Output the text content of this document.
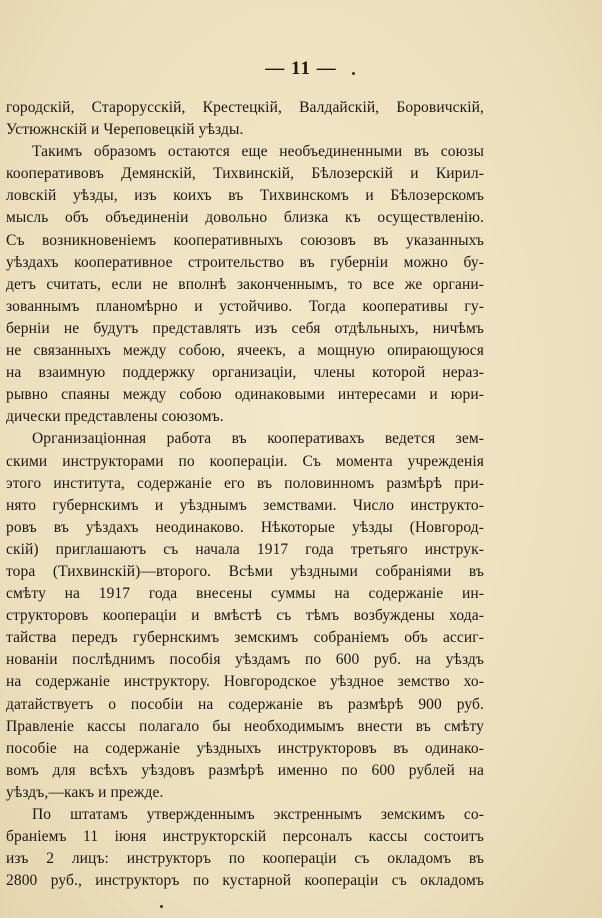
— 11 —
городскiй, Старорусскiй, Крестецкiй, Валдайскiй, Боровичскiй,
Устюжнскiй и Череповецкiй уѣзды.
Такимъ образомъ остаются еще необъединенными въ союзы
кооперативовъ Демянскiй, Тихвинскiй, Бѣлозерскiй и Кирил-
ловскiй уѣзды, изъ коихъ въ Тихвинскомъ и Бѣлозерскомъ
мысль объ объединенiи довольно близка къ осуществленiю.
Съ возникновенiемъ кооперативныхъ союзовъ въ указанныхъ
уѣздахъ кооперативное строительство въ губернiи можно бу-
детъ считать, если не вполнѣ законченнымъ, то все же органи-
зованнымъ планомѣрно и устойчиво. Тогда кооперативы гу-
бернiи не будутъ представлять изъ себя отдѣльныхъ, ничѣмъ
не связанныхъ между собою, ячеекъ, а мощную опирающуюся
на взаимную поддержку организацiи, члены которой нераз-
рывно спаяны между собою одинаковыми интересами и юри-
дически представлены союзомъ.
Организацiонная работа въ кооперативахъ ведется зем-
скими инструкторами по кооперацiи. Съ момента учрежденiя
этого института, содержанiе его въ половинномъ размѣрѣ при-
нято губернскимъ и уѣзднымъ земствами. Число инструкто-
ровъ въ уѣздахъ неодинаково. Нѣкоторые уѣзды (Новгород-
скiй) приглашаютъ съ начала 1917 года третьяго инструк-
тора (Тихвинскiй)—второго. Всѣми уѣздными собранiями въ
смѣту на 1917 года внесены суммы на содержанiе ин-
структоровъ кооперацiи и вмѣстѣ съ тѣмъ возбуждены хода-
тайства передъ губернскимъ земскимъ собранiемъ объ ассиг-
нованiи послѣднимъ пособiя уѣздамъ по 600 руб. на уѣздъ
на содержанiе инструктору. Новгородское уѣздное земство хо-
датайствуетъ о пособiи на содержанiе въ размѣрѣ 900 руб.
Правленiе кассы полагало бы необходимымъ внести въ смѣту
пособiе на содержанiе уѣздныхъ инструкторовъ въ одинако-
вомъ для всѣхъ уѣздовъ размѣрѣ именно по 600 рублей на
уѣздъ,—какъ и прежде.
По штатамъ утвержденнымъ экстреннымъ земскимъ со-
бранiемъ 11 iюня инструкторскiй персоналъ кассы состоитъ
изъ 2 лицъ: инструкторъ по кооперацiи съ окладомъ въ
2800 руб., инструкторъ по кустарной кооперацiи съ окладомъ
